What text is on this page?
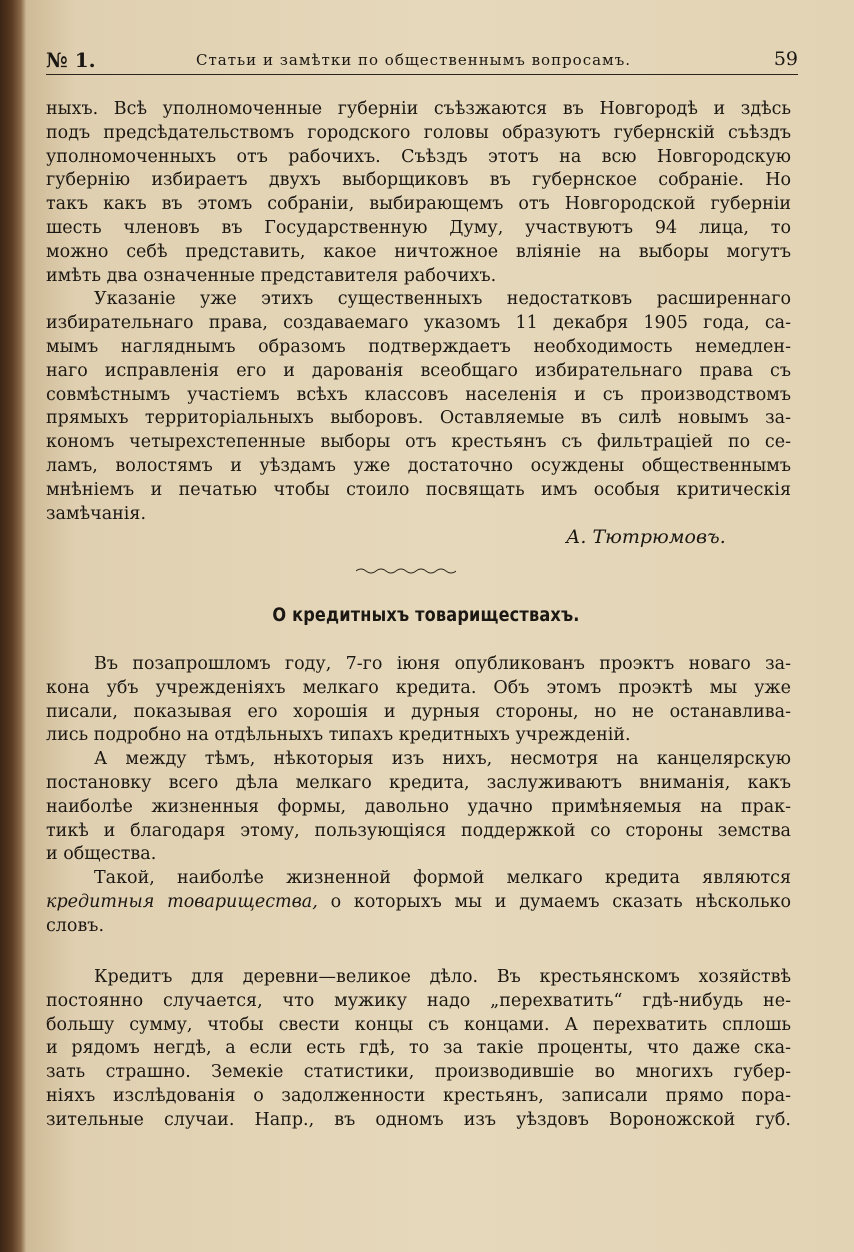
№ 1.	Статьи и замѣтки по общественнымъ вопросамъ.	59

ныхъ. Всѣ уполномоченные губерніи съѣзжаются въ Новгородѣ и здѣсь

подъ предсѣдательствомъ городского головы образуютъ губернскій съѣздъ

уполномоченныхъ отъ рабочихъ. Съѣздъ этотъ на всю Новгородскую

губернію избираетъ двухъ выборщиковъ въ губернское собраніе. Но

такъ какъ въ этомъ собраніи, выбирающемъ отъ Новгородской губерніи

шесть членовъ въ Государственную Думу, участвуютъ 94 лица, то

можно себѣ представить, какое ничтожное вліяніе на выборы могутъ

имѣть два означенные представителя рабочихъ.

Указаніе уже этихъ существенныхъ недостатковъ расширеннаго

избирательнаго права, создаваемаго указомъ 11 декабря 1905 года, са-

мымъ нагляднымъ образомъ подтверждаетъ необходимость немедлен-

наго исправленія его и дарованія всеобщаго избирательнаго права съ

совмѣстнымъ участіемъ всѣхъ классовъ населенія и съ производствомъ

прямыхъ территоріальныхъ выборовъ. Оставляемые въ силѣ новымъ за-

кономъ четырехстепенные выборы отъ крестьянъ съ фильтраціей по се-

ламъ, волостямъ и уѣздамъ уже достаточно осуждены общественнымъ

мнѣніемъ и печатью чтобы стоило посвящать имъ особыя критическія

замѣчанія.

А. Тютрюмовъ.
О кредитныхъ товариществахъ.

Въ позапрошломъ году, 7-го іюня опубликованъ проэктъ новаго за-

кона убъ учрежденіяхъ мелкаго кредита. Объ этомъ проэктѣ мы уже

писали, показывая его хорошія и дурныя стороны, но не останавлива-

лись подробно на отдѣльныхъ типахъ кредитныхъ учрежденій.

А между тѣмъ, нѣкоторыя изъ нихъ, несмотря на канцелярскую

постановку всего дѣла мелкаго кредита, заслуживаютъ вниманія, какъ

наиболѣе жизненныя формы, давольно удачно примѣняемыя на прак-

тикѣ и благодаря этому, пользующіяся поддержкой со стороны земства

и общества.

Такой, наиболѣе жизненной формой мелкаго кредита являются

кредитныя товарищества, о которыхъ мы и думаемъ сказать нѣсколько

словъ.

Кредитъ для деревни—великое дѣло. Въ крестьянскомъ хозяйствѣ

постоянно случается, что мужику надо „перехватить“ гдѣ-нибудь не-

большу сумму, чтобы свести концы съ концами. А перехватить сплошь

и рядомъ негдѣ, а если есть гдѣ, то за такіе проценты, что даже ска-

зать страшно. Земекіе статистики, производившіе во многихъ губер-

ніяхъ изслѣдованія о задолженности крестьянъ, записали прямо пора-

зительные случаи. Напр., въ одномъ изъ уѣздовъ Вороножской губ.
